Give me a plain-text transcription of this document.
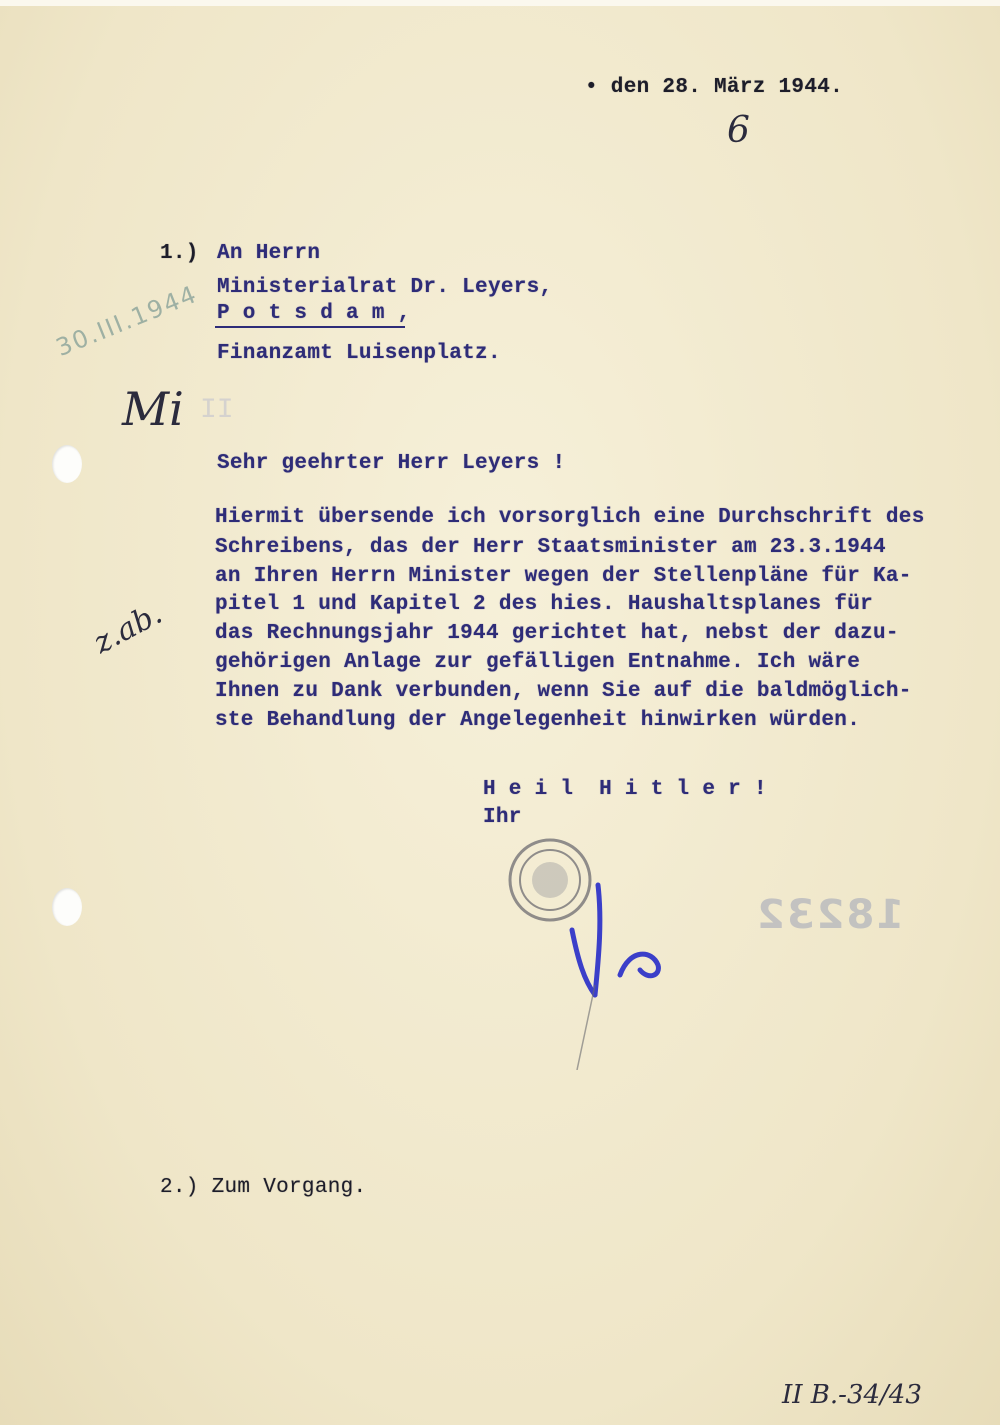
• den 28. März 1944.
6
1.) An Herrn
Ministerialrat Dr. Leyers,
P o t s d a m ,
Finanzamt Luisenplatz.
30.III.1944
Mi II
Sehr geehrter Herr Leyers !
Hiermit übersende ich vorsorglich eine Durchschrift des
Schreibens, das der Herr Staatsminister am 23.3.1944
an Ihren Herrn Minister wegen der Stellenpläne für Ka-
pitel 1 und Kapitel 2 des hies. Haushaltsplanes für
das Rechnungsjahr 1944 gerichtet hat, nebst der dazu-
gehörigen Anlage zur gefälligen Entnahme. Ich wäre
Ihnen zu Dank verbunden, wenn Sie auf die baldmöglich-
ste Behandlung der Angelegenheit hinwirken würden.
z.ab.
H e i l  H i t l e r !
Ihr
18232
2.) Zum Vorgang.
II B.-34/43
